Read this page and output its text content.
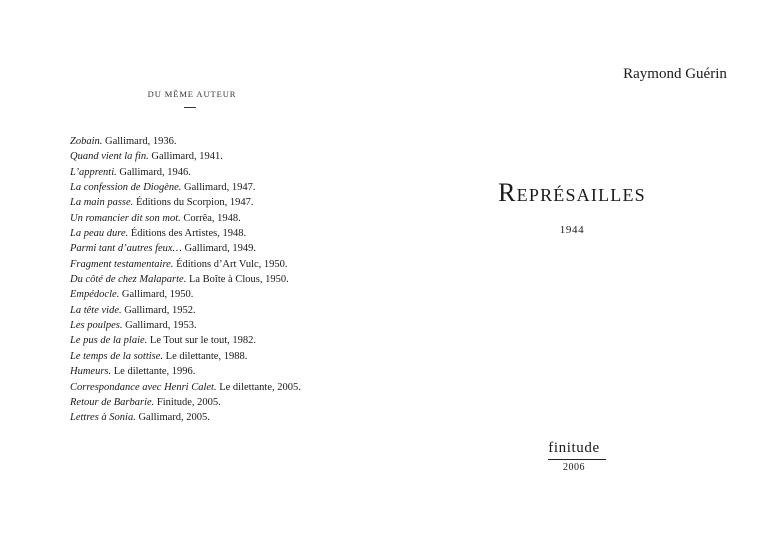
DU MÊME AUTEUR
Zobain. Gallimard, 1936.
Quand vient la fin. Gallimard, 1941.
L’apprenti. Gallimard, 1946.
La confession de Diogène. Gallimard, 1947.
La main passe. Éditions du Scorpion, 1947.
Un romancier dit son mot. Corrêa, 1948.
La peau dure. Éditions des Artistes, 1948.
Parmi tant d’autres feux… Gallimard, 1949.
Fragment testamentaire. Éditions d’Art Vulc, 1950.
Du côté de chez Malaparte. La Boîte à Clous, 1950.
Empédocle. Gallimard, 1950.
La tête vide. Gallimard, 1952.
Les poulpes. Gallimard, 1953.
Le pus de la plaie. Le Tout sur le tout, 1982.
Le temps de la sottise. Le dilettante, 1988.
Humeurs. Le dilettante, 1996.
Correspondance avec Henri Calet. Le dilettante, 2005.
Retour de Barbarie. Finitude, 2005.
Lettres à Sonia. Gallimard, 2005.
Raymond Guérin
Représailles
1944
finitude
2006
